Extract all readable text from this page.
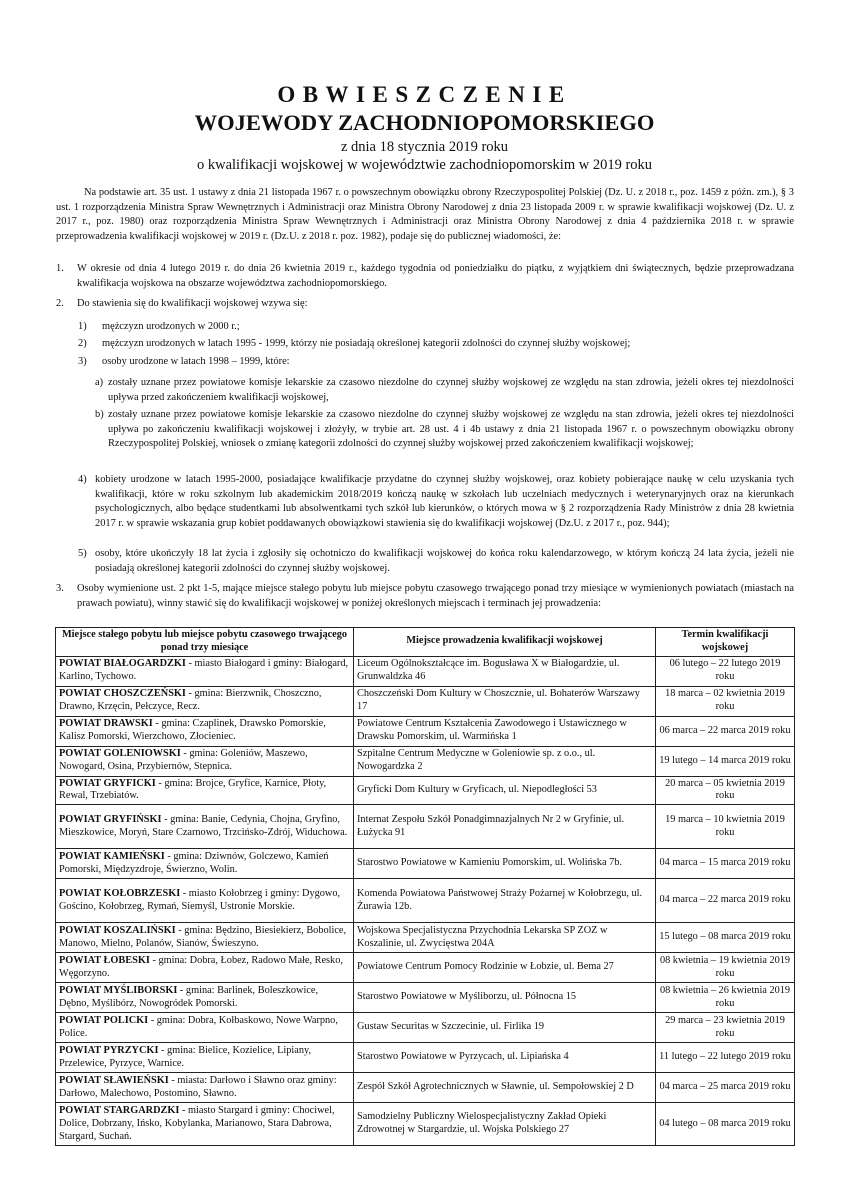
OBWIESZCZENIE
WOJEWODY ZACHODNIOPOMORSKIEGO
z dnia 18 stycznia 2019 roku
o kwalifikacji wojskowej w województwie zachodniopomorskim w 2019 roku
Na podstawie art. 35 ust. 1 ustawy z dnia 21 listopada 1967 r. o powszechnym obowiązku obrony Rzeczypospolitej Polskiej (Dz. U. z 2018 r., poz. 1459 z późn. zm.), § 3 ust. 1 rozporządzenia Ministra Spraw Wewnętrznych i Administracji oraz Ministra Obrony Narodowej z dnia 23 listopada 2009 r. w sprawie kwalifikacji wojskowej (Dz. U. z 2017 r., poz. 1980) oraz rozporządzenia Ministra Spraw Wewnętrznych i Administracji oraz Ministra Obrony Narodowej z dnia 4 października 2018 r. w sprawie przeprowadzenia kwalifikacji wojskowej w 2019 r. (Dz.U. z 2018 r. poz. 1982), podaje się do publicznej wiadomości, że:
1. W okresie od dnia 4 lutego 2019 r. do dnia 26 kwietnia 2019 r., każdego tygodnia od poniedziałku do piątku, z wyjątkiem dni świątecznych, będzie przeprowadzana kwalifikacja wojskowa na obszarze województwa zachodniopomorskiego.
2. Do stawienia się do kwalifikacji wojskowej wzywa się:
1) mężczyzn urodzonych w 2000 r.;
2) mężczyzn urodzonych w latach 1995 - 1999, którzy nie posiadają określonej kategorii zdolności do czynnej służby wojskowej;
3) osoby urodzone w latach 1998 – 1999, które:
a) zostały uznane przez powiatowe komisje lekarskie za czasowo niezdolne do czynnej służby wojskowej ze względu na stan zdrowia, jeżeli okres tej niezdolności upływa przed zakończeniem kwalifikacji wojskowej,
b) zostały uznane przez powiatowe komisje lekarskie za czasowo niezdolne do czynnej służby wojskowej ze względu na stan zdrowia, jeżeli okres tej niezdolności upływa po zakończeniu kwalifikacji wojskowej i złożyły, w trybie art. 28 ust. 4 i 4b ustawy z dnia 21 listopada 1967 r. o powszechnym obowiązku obrony Rzeczypospolitej Polskiej, wniosek o zmianę kategorii zdolności do czynnej służby wojskowej przed zakończeniem kwalifikacji wojskowej;
4) kobiety urodzone w latach 1995-2000, posiadające kwalifikacje przydatne do czynnej służby wojskowej, oraz kobiety pobierające naukę w celu uzyskania tych kwalifikacji, które w roku szkolnym lub akademickim 2018/2019 kończą naukę w szkołach lub uczelniach medycznych i weterynaryjnych oraz na kierunkach psychologicznych, albo będące studentkami lub absolwentkami tych szkół lub kierunków, o których mowa w § 2 rozporządzenia Rady Ministrów z dnia 28 kwietnia 2017 r. w sprawie wskazania grup kobiet poddawanych obowiązkowi stawienia się do kwalifikacji wojskowej (Dz.U. z 2017 r., poz. 944);
5) osoby, które ukończyły 18 lat życia i zgłosiły się ochotniczo do kwalifikacji wojskowej do końca roku kalendarzowego, w którym kończą 24 lata życia, jeżeli nie posiadają określonej kategorii zdolności do czynnej służby wojskowej.
3. Osoby wymienione ust. 2 pkt 1-5, mające miejsce stałego pobytu lub miejsce pobytu czasowego trwającego ponad trzy miesiące w wymienionych powiatach (miastach na prawach powiatu), winny stawić się do kwalifikacji wojskowej w poniżej określonych miejscach i terminach jej prowadzenia:
Miejsce stałego pobytu lub miejsce pobytu czasowego trwającego ponad trzy miesiące	Miejsce prowadzenia kwalifikacji wojskowej	Termin kwalifikacji wojskowej
POWIAT BIAŁOGARDZKI - miasto Białogard i gminy: Białogard, Karlino, Tychowo.	Liceum Ogólnokształcące im. Bogusława X w Białogardzie, ul. Grunwaldzka 46	06 lutego – 22 lutego 2019 roku
POWIAT CHOSZCZEŃSKI - gmina: Bierzwnik, Choszczno, Drawno, Krzęcin, Pełczyce, Recz.	Choszczeński Dom Kultury w Choszcznie, ul. Bohaterów Warszawy 17	18 marca – 02 kwietnia 2019 roku
POWIAT DRAWSKI - gmina: Czaplinek, Drawsko Pomorskie, Kalisz Pomorski, Wierzchowo, Złocieniec.	Powiatowe Centrum Kształcenia Zawodowego i Ustawicznego w Drawsku Pomorskim, ul. Warmińska 1	06 marca – 22 marca 2019 roku
POWIAT GOLENIOWSKI - gmina: Goleniów, Maszewo, Nowogard, Osina, Przybiernów, Stepnica.	Szpitalne Centrum Medyczne w Goleniowie sp. z o.o., ul. Nowogardzka 2	19 lutego – 14 marca 2019 roku
POWIAT GRYFICKI - gmina: Brojce, Gryfice, Karnice, Płoty, Rewal, Trzebiatów.	Gryficki Dom Kultury w Gryficach, ul. Niepodległości 53	20 marca – 05 kwietnia 2019 roku
POWIAT GRYFIŃSKI - gmina: Banie, Cedynia, Chojna, Gryfino, Mieszkowice, Moryń, Stare Czarnowo, Trzcińsko-Zdrój, Widuchowa.	Internat Zespołu Szkół Ponadgimnazjalnych Nr 2 w Gryfinie, ul. Łużycka 91	19 marca – 10 kwietnia 2019 roku
POWIAT KAMIEŃSKI - gmina: Dziwnów, Golczewo, Kamień Pomorski, Międzyzdroje, Świerzno, Wolin.	Starostwo Powiatowe w Kamieniu Pomorskim, ul. Wolińska 7b.	04 marca – 15 marca 2019 roku
POWIAT KOŁOBRZESKI - miasto Kołobrzeg i gminy: Dygowo, Gościno, Kołobrzeg, Rymań, Siemyśl, Ustronie Morskie.	Komenda Powiatowa Państwowej Straży Pożarnej w Kołobrzegu, ul. Żurawia 12b.	04 marca – 22 marca 2019 roku
POWIAT KOSZALIŃSKI - gmina: Będzino, Biesiekierz, Bobolice, Manowo, Mielno, Polanów, Sianów, Świeszyno.	Wojskowa Specjalistyczna Przychodnia Lekarska SP ZOZ w Koszalinie, ul. Zwycięstwa 204A	15 lutego – 08 marca 2019 roku
POWIAT ŁOBESKI - gmina: Dobra, Łobez, Radowo Małe, Resko, Węgorzyno.	Powiatowe Centrum Pomocy Rodzinie w Łobzie, ul. Bema 27	08 kwietnia – 19 kwietnia 2019 roku
POWIAT MYŚLIBORSKI - gmina: Barlinek, Boleszkowice, Dębno, Myślibórz, Nowogródek Pomorski.	Starostwo Powiatowe w Myśliborzu, ul. Północna 15	08 kwietnia – 26 kwietnia 2019 roku
POWIAT POLICKI - gmina: Dobra, Kołbaskowo, Nowe Warpno, Police.	Gustaw Securitas w Szczecinie, ul. Firlika 19	29 marca – 23 kwietnia 2019 roku
POWIAT PYRZYCKI - gmina: Bielice, Kozielice, Lipiany, Przelewice, Pyrzyce, Warnice.	Starostwo Powiatowe w Pyrzycach, ul. Lipiańska 4	11 lutego – 22 lutego 2019 roku
POWIAT SŁAWIEŃSKI - miasta: Darłowo i Sławno oraz gminy: Darłowo, Malechowo, Postomino, Sławno.	Zespół Szkół Agrotechnicznych w Sławnie, ul. Sempołowskiej 2 D	04 marca – 25 marca 2019 roku
POWIAT STARGARDZKI - miasto Stargard i gminy: Chociwel, Dolice, Dobrzany, Ińsko, Kobylanka, Marianowo, Stara Dabrowa, Stargard, Suchań.	Samodzielny Publiczny Wielospecjalistyczny Zakład Opieki Zdrowotnej w Stargardzie, ul. Wojska Polskiego 27	04 lutego – 08 marca 2019 roku
